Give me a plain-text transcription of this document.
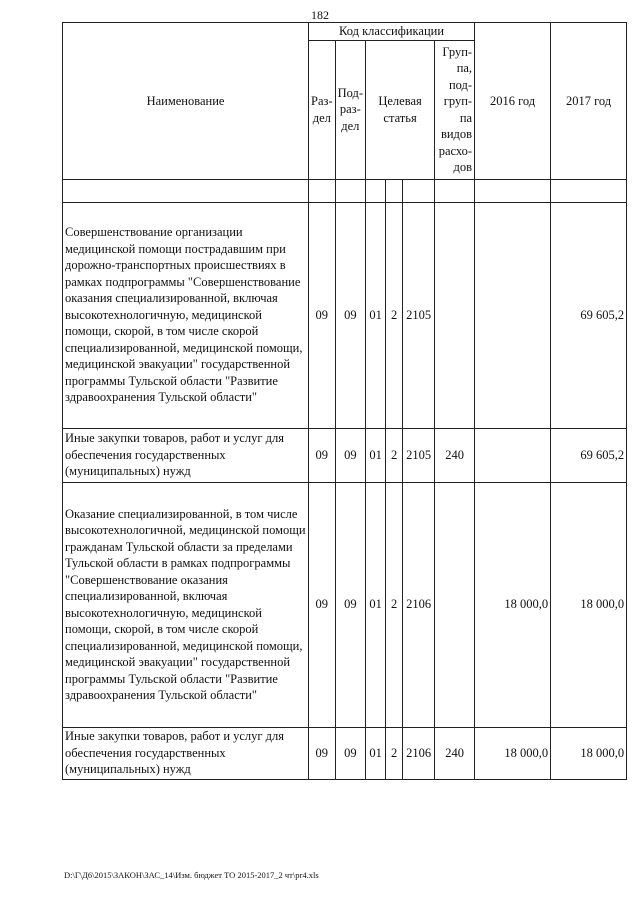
182
Наименование	Код классификации						2016 год	2017 год
	Раз- дел	Под- раз- дел	Целевая статья			Груп- па, под- груп- па видов расхо- дов		

Совершенствование организации медицинской помощи пострадавшим при дорожно-транспортных происшествиях в рамках подпрограммы "Совершенствование оказания специализированной, включая высокотехнологичную, медицинской помощи, скорой, в том числе скорой специализированной, медицинской помощи, медицинской эвакуации" государственной программы Тульской области "Развитие здравоохранения Тульской области"	09	09	01	2	2105			69 605,2
Иные закупки товаров, работ и услуг для обеспечения государственных (муниципальных) нужд	09	09	01	2	2105	240		69 605,2
Оказание специализированной, в том числе высокотехнологичной, медицинской помощи гражданам Тульской области за пределами Тульской области в рамках подпрограммы "Совершенствование оказания специализированной, включая высокотехнологичную, медицинской помощи, скорой, в том числе скорой специализированной, медицинской помощи, медицинской эвакуации" государственной программы Тульской области "Развитие здравоохранения Тульской области"	09	09	01	2	2106		18 000,0	18 000,0
Иные закупки товаров, работ и услуг для обеспечения государственных (муниципальных) нужд	09	09	01	2	2106	240	18 000,0	18 000,0
D:\Г\Д6\2015\ЗАКОН\ЗАС_14\Изм. бюджет ТО 2015-2017_2 чт\pr4.xls
